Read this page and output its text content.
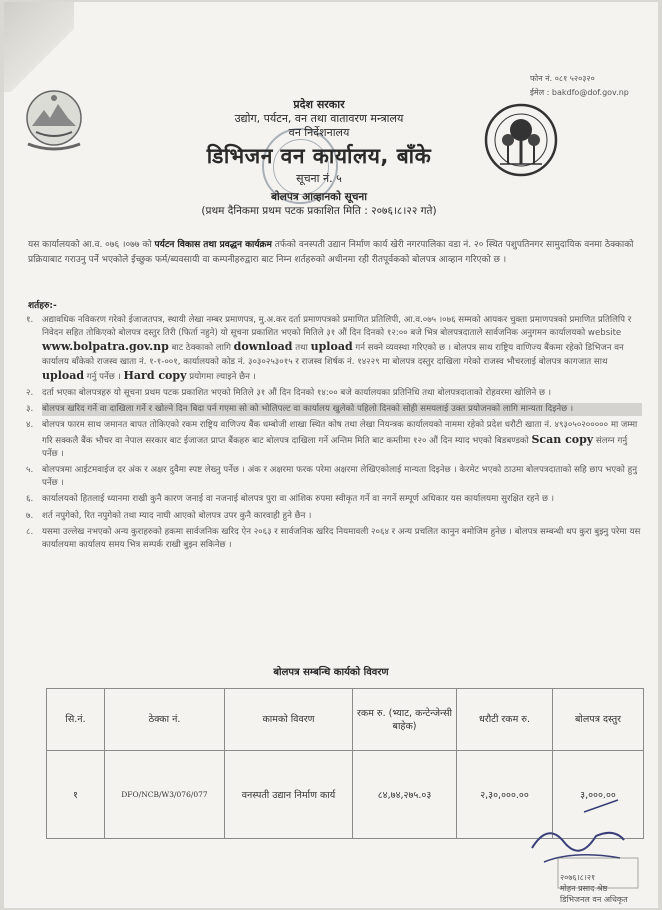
फोन नं. ०८१ ५२०३२०
ईमेल : bakdfo@dof.gov.np
प्रदेश सरकार
उद्योग, पर्यटन, वन तथा वातावरण मन्त्रालय
वन निर्देशनालय
डिभिजन वन कार्यालय, बाँके
सूचना नं. ५
बोलपत्र आव्हानको सूचना
(प्रथम दैनिकमा प्रथम पटक प्रकाशित मिति : २०७६।८।२२ गते)
यस कार्यालयको आ.व. ०७६ ।०७७ को पर्यटन विकास तथा प्रवद्धन कार्यक्रम तर्फको वनस्पती उद्यान निर्माण कार्य खेरी नगरपालिका वडा नं. २० स्थित पशुपतिनगर सामुदायिक वनमा ठेक्काको प्रक्रियाबाट गराउनु पर्ने भएकोले ईच्छुक फर्म/ब्यवसायी वा कम्पनीहरुद्वारा बाट निम्न शर्तहरुको अधीनमा रही रीतपूर्वकको बोलपत्र आव्हान गरिएको छ ।
शर्तहरु:-
१.	अद्यावधिक नविकरण गरेको ईजाजतपत्र, स्थायी लेखा नम्बर प्रमाणपत्र, मु.अ.कर दर्ता प्रमाणपत्रको प्रमाणित प्रतिलिपी, आ.व.०७५ ।०७६ सम्मको आयकर चुक्ता प्रमाणपत्रको प्रमाणित प्रतिलिपि र निवेदन सहित तोकिएको बोलपत्र दस्तुर तिरी (फिर्ता नहुने) यो सूचना प्रकाशित भएको मितिले ३१ औं दिन दिनको १२:०० बजे भित्र बोलपत्रदाताले सार्वजनिक अनुगमन कार्यालयको website www.bolpatra.gov.np बाट ठेक्काको लागि download तथा upload गर्न सक्ने व्यवस्था गरिएको छ । बोलपत्र साथ राष्ट्रिय वाणिज्य बैंकमा रहेको डिभिजन वन कार्यालय बाँकेको राजस्व खाता नं. १-१-००१, कार्यालयको कोड नं. ३०३०२५३०१५ र राजस्व शिर्षक नं. १४२२९ मा बोलपत्र दस्तुर दाखिला गरेको राजस्व भौचरलाई बोलपत्र कागजात साथ upload गर्नु पर्नेछ । Hard copy प्रयोगमा ल्याइने छैन ।
२.	दर्ता भएका बोलपत्रहरु यो सूचना प्रथम पटक प्रकाशित भएको मितिले ३१ औं दिन दिनको १४:०० बजे कार्यालयका प्रतिनिधि तथा बोलपत्रदाताको रोहवरमा खोलिने छ ।
३.	बोलपत्र खरिद गर्ने वा दाखिला गर्ने र खोल्ने दिन बिदा पर्न गएमा सो को भोलिपल्ट वा कार्यालय खुलेको पहिलो दिनको सोही समयलाई उक्त प्रयोजनको लागि मान्यता दिइनेछ ।
४.	बोलपत्र फारम साथ जमानत बापत तोकिएको रकम राष्ट्रिय वाणिज्य बैंक धम्बोजी शाखा स्थित कोष तथा लेखा नियन्त्रक कार्यालयको नाममा रहेको प्रदेश धरौटी खाता नं. ४९३०५०२००००० मा जम्मा गरि सक्कलै बैंक भौचर वा नेपाल सरकार बाट ईजाजत प्राप्त बैंकहरु बाट बोलपत्र दाखिला गर्ने अन्तिम मिति बाट कम्तीमा १२० औं दिन म्याद भएको बिडबण्डको Scan copy संलग्न गर्नु पर्नेछ ।
५.	बोलपत्रमा आईटमवाईज दर अंक र अक्षर दुवैमा स्पष्ट लेख्नु पर्नेछ । अंक र अक्षरमा फरक परेमा अक्षरमा लेखिएकोलाई मान्यता दिइनेछ । केरमेट भएको ठाउमा बोलपत्रदाताको सहि छाप भएको हुनु पर्नेछ ।
६.	कार्यालयको हितलाई ध्यानमा राखी कुनै कारण जनाई वा नजनाई बोलपत्र पुरा वा आंशिक रुपमा स्वीकृत गर्ने वा नगर्ने सम्पूर्ण अधिकार यस कार्यालयमा सुरक्षित रहने छ ।
७.	शर्त नपुगेको, रित नपुगेको तथा म्याद नाघी आएको बोलपत्र उपर कुनै कारवाही हुने छैन ।
८.	यसमा उल्लेख नभएको अन्य कुराहरुको हकमा सार्वजनिक खरिद ऐन २०६३ र सार्वजनिक खरिद नियमावली २०६४ र अन्य प्रचलित कानुन बमोजिम हुनेछ । बोलपत्र सम्बन्धी थप कुरा बुझ्नु परेमा यस कार्यालयमा कार्यालय समय भित्र सम्पर्क राखी बुझ्न सकिनेछ ।
बोलपत्र सम्बन्धि कार्यको विवरण
सि.नं.	ठेक्का नं.	कामको विवरण	रकम रु. (भ्याट, कन्टेन्जेन्सी बाहेक)	धरौटी रकम रु.	बोलपत्र दस्तुर
१	DFO/NCB/W3/076/077	वनस्पती उद्यान निर्माण कार्य	८४,७४,२७५.०३	२,३०,०००.००	३,०००.००
२०७६।८।२१
मोहन प्रसाद श्रेष्ठ
डिभिजनल वन अधिकृत
